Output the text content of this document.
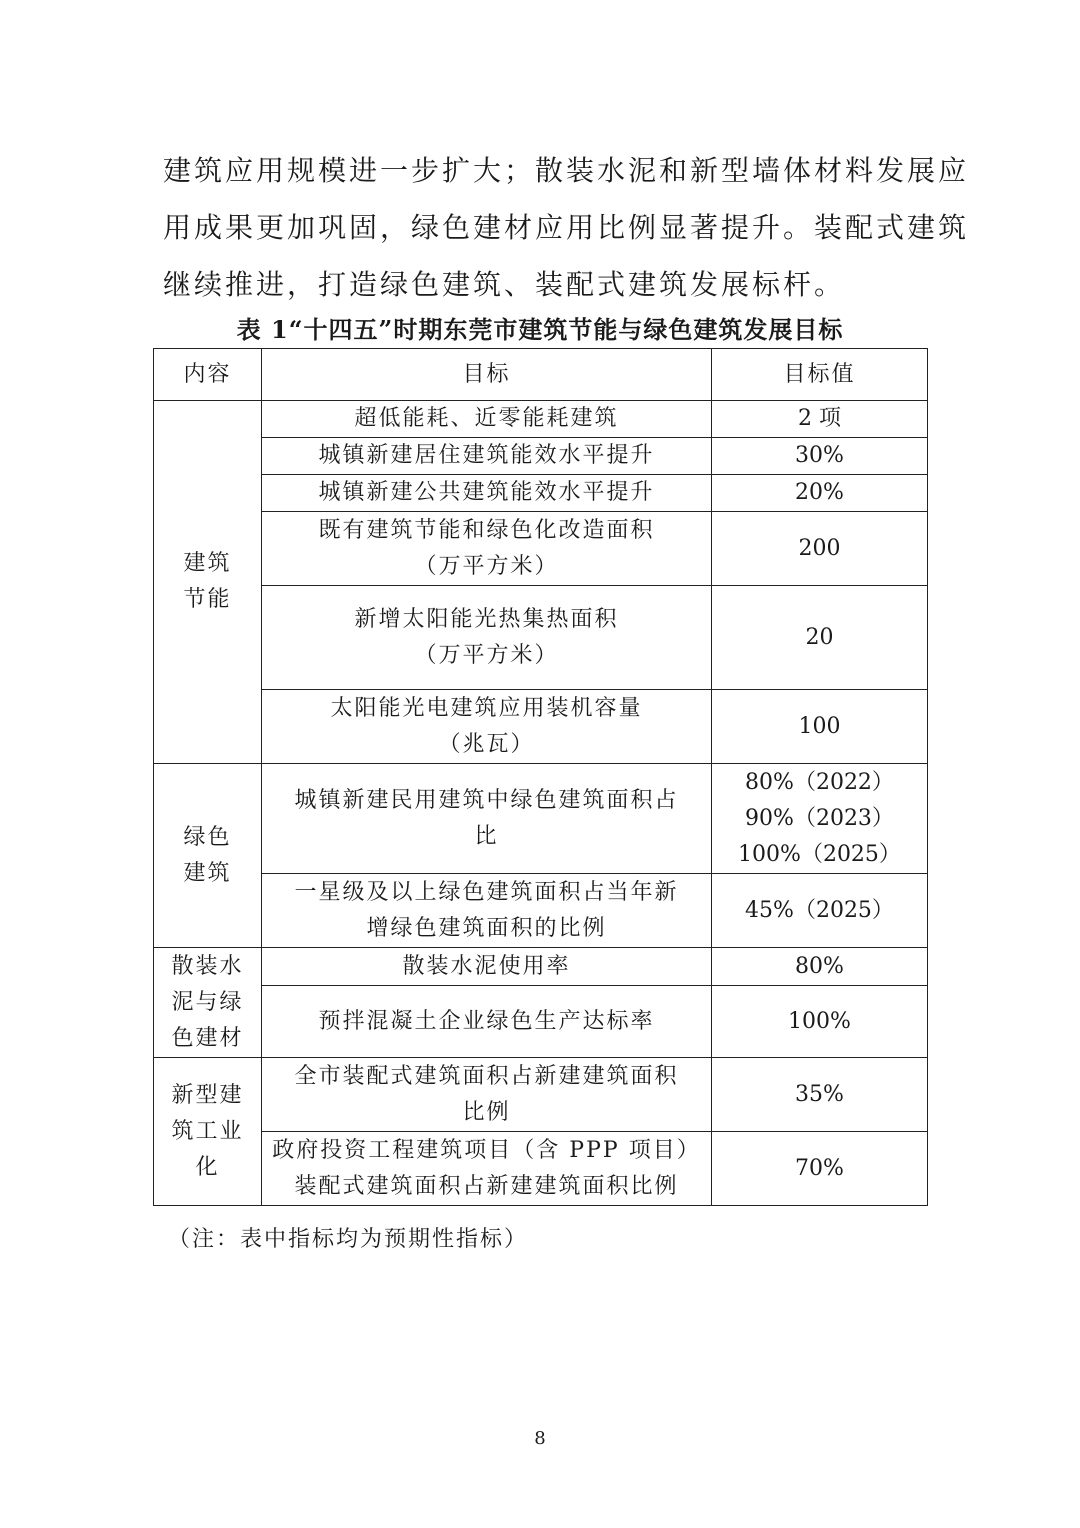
建筑应用规模进一步扩大；散装水泥和新型墙体材料发展应
用成果更加巩固，绿色建材应用比例显著提升。装配式建筑
继续推进，打造绿色建筑、装配式建筑发展标杆。
表 1“十四五”时期东莞市建筑节能与绿色建筑发展目标
内容	目标	目标值

建筑
节能	超低能耗、近零能耗建筑	2 项

	城镇新建居住建筑能效水平提升	30%

	城镇新建公共建筑能效水平提升	20%

	既有建筑节能和绿色化改造面积
（万平方米）	200

	新增太阳能光热集热面积
（万平方米）	20

	太阳能光电建筑应用装机容量
（兆瓦）	100

绿色
建筑	城镇新建民用建筑中绿色建筑面积占
比	80%（2022）
90%（2023）
100%（2025）

	一星级及以上绿色建筑面积占当年新
增绿色建筑面积的比例	45%（2025）

散装水
泥与绿
色建材	散装水泥使用率	80%

	预拌混凝土企业绿色生产达标率	100%

新型建
筑工业
化	全市装配式建筑面积占新建建筑面积
比例	35%

	政府投资工程建筑项目（含 PPP 项目）
装配式建筑面积占新建建筑面积比例	70%
（注：表中指标均为预期性指标）
8
